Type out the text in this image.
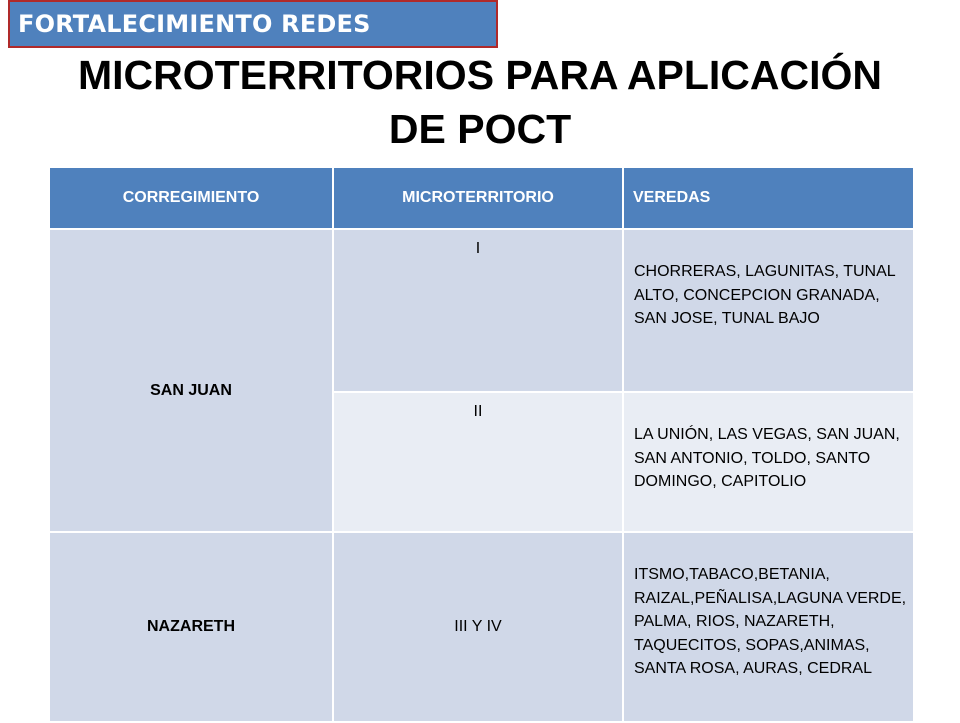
FORTALECIMIENTO REDES
MICROTERRITORIOS PARA APLICACIÓN
DE POCT
CORREGIMIENTO	MICROTERRITORIO	VEREDAS
SAN JUAN	I	CHORRERAS, LAGUNITAS, TUNAL ALTO, CONCEPCION GRANADA, SAN JOSE, TUNAL BAJO
	II	LA UNIÓN, LAS VEGAS, SAN JUAN, SAN ANTONIO, TOLDO, SANTO DOMINGO, CAPITOLIO
NAZARETH	III Y IV	ITSMO,TABACO,BETANIA, RAIZAL,PEÑALISA,LAGUNA VERDE, PALMA, RIOS, NAZARETH, TAQUECITOS, SOPAS,ANIMAS, SANTA ROSA, AURAS, CEDRAL
